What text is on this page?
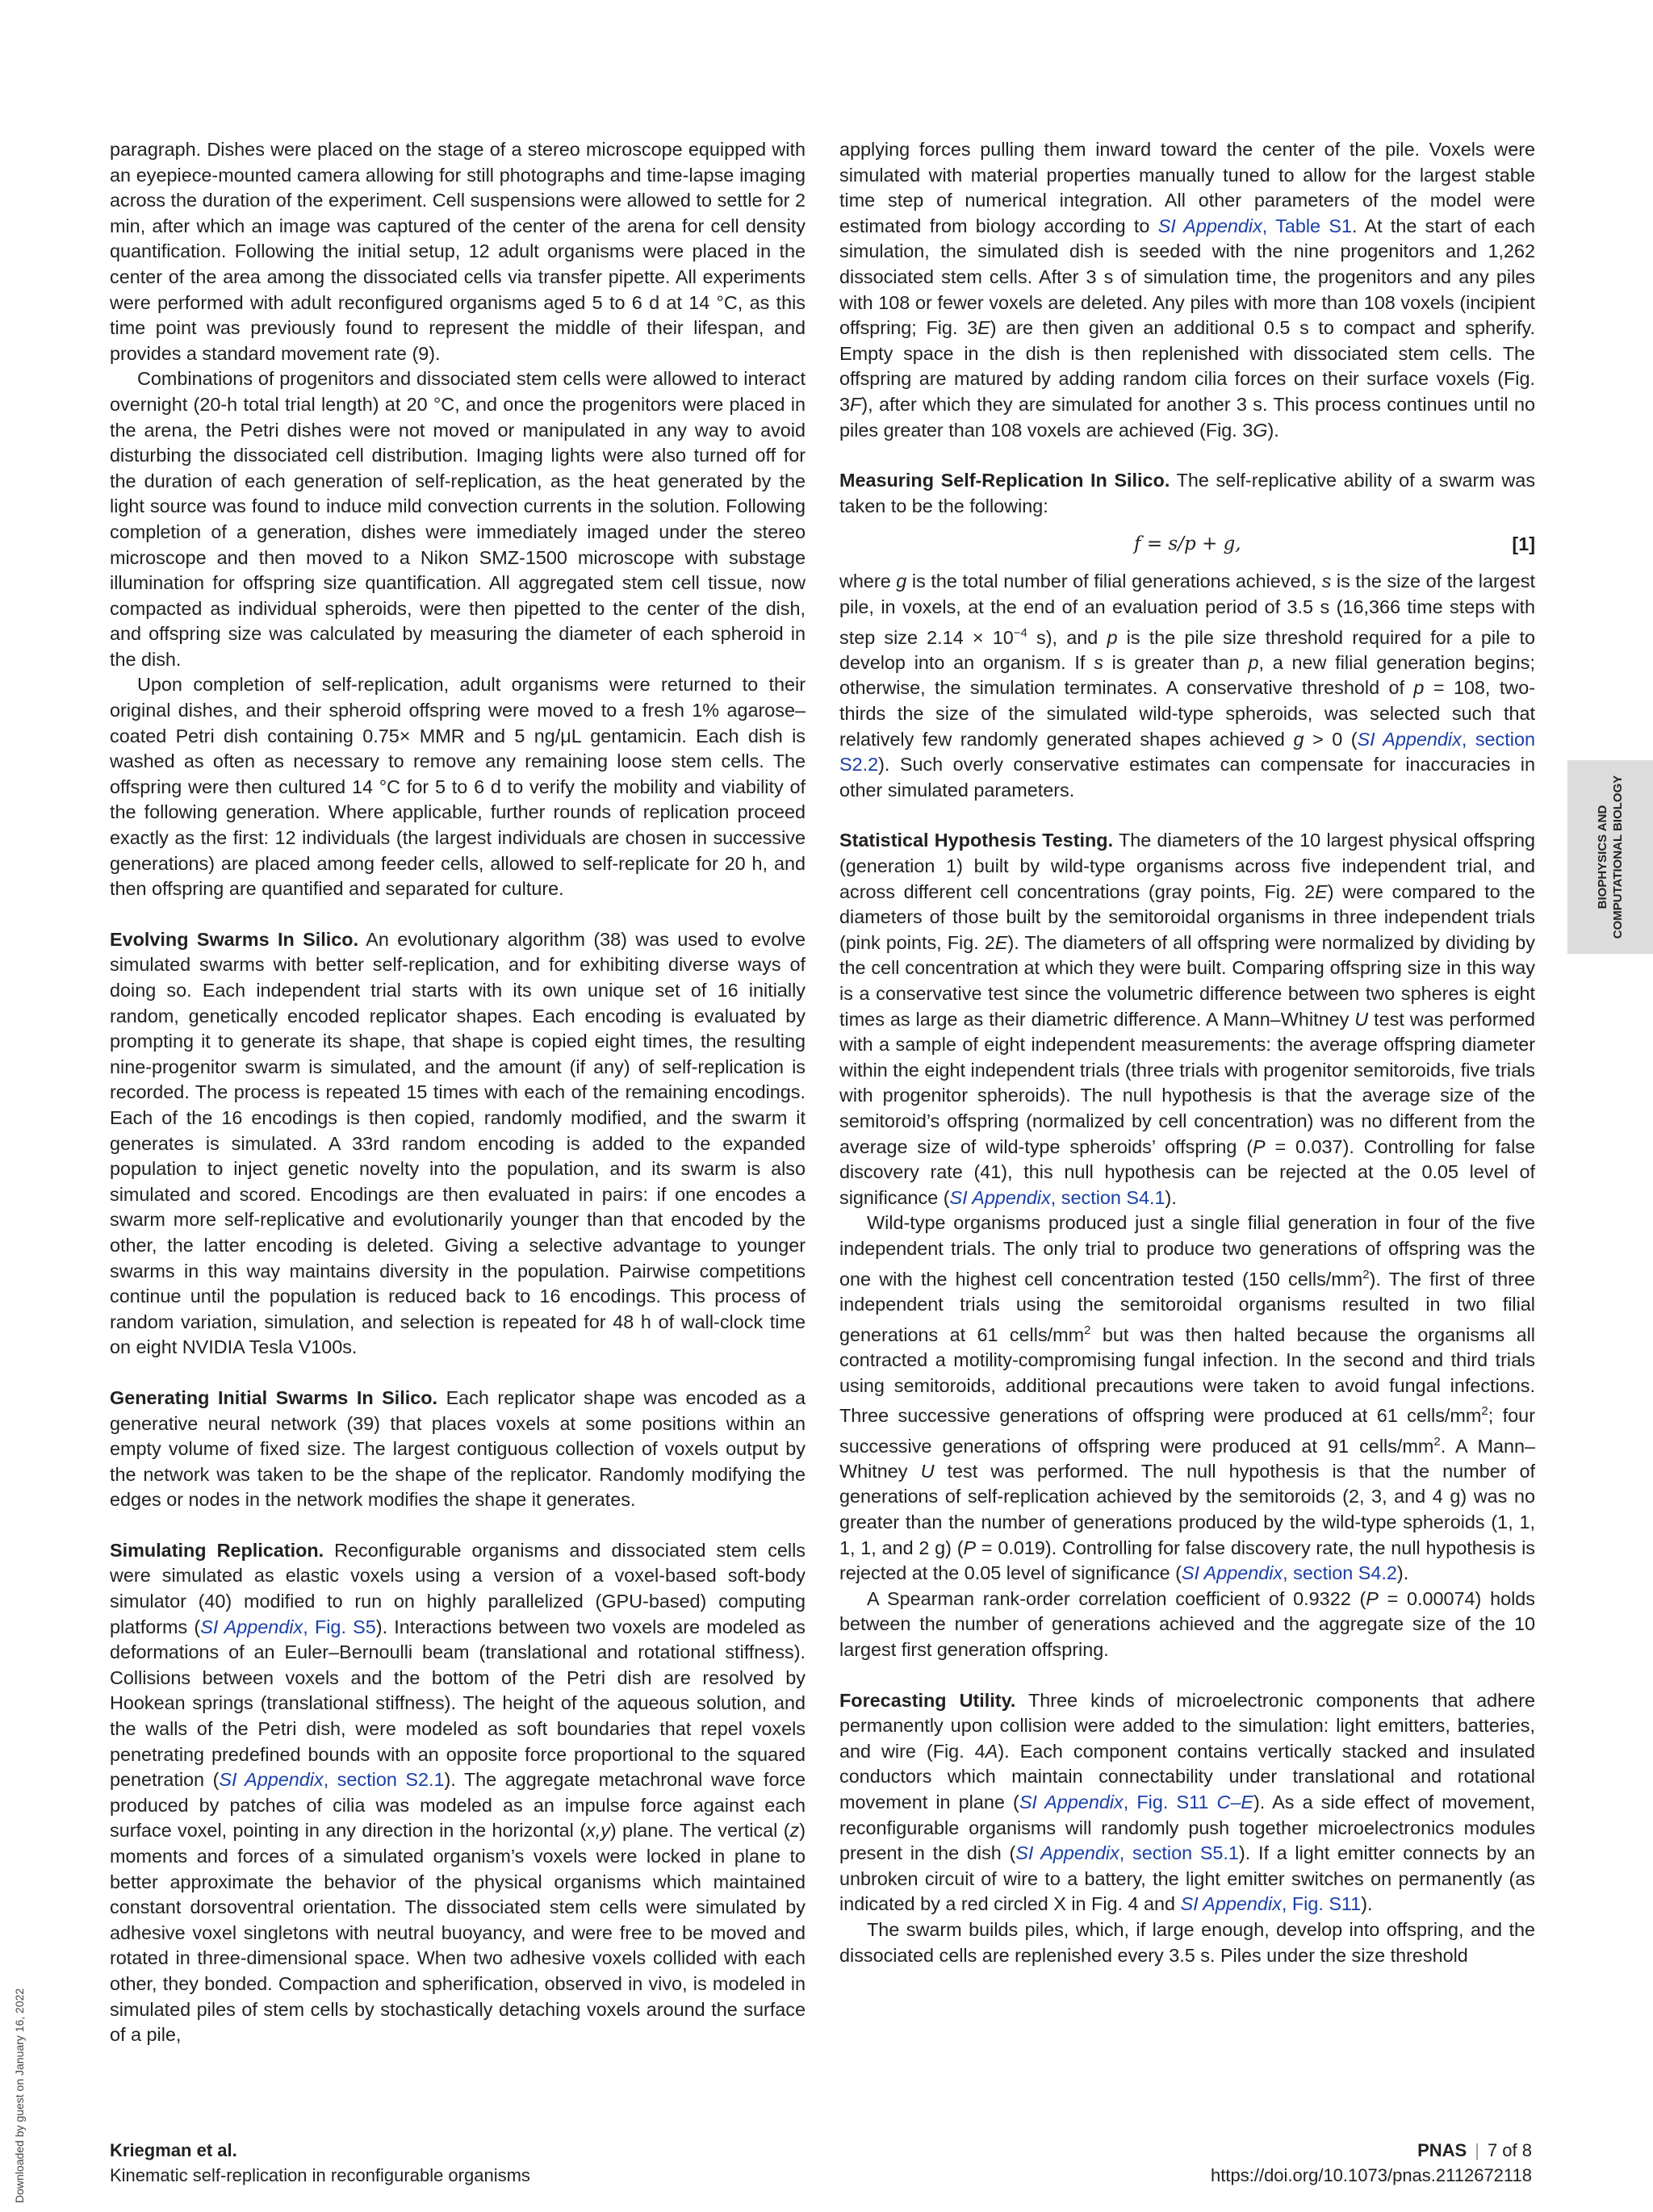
paragraph. Dishes were placed on the stage of a stereo microscope equipped with an eyepiece-mounted camera allowing for still photographs and time-lapse imaging across the duration of the experiment. Cell suspensions were allowed to settle for 2 min, after which an image was captured of the center of the arena for cell density quantification. Following the initial setup, 12 adult organisms were placed in the center of the area among the dissociated cells via transfer pipette. All experiments were performed with adult reconfigured organisms aged 5 to 6 d at 14 °C, as this time point was previously found to represent the middle of their lifespan, and provides a standard movement rate (9).

Combinations of progenitors and dissociated stem cells were allowed to interact overnight (20-h total trial length) at 20 °C, and once the progenitors were placed in the arena, the Petri dishes were not moved or manipulated in any way to avoid disturbing the dissociated cell distribution. Imaging lights were also turned off for the duration of each generation of self-replication, as the heat generated by the light source was found to induce mild convection currents in the solution. Following completion of a generation, dishes were immediately imaged under the stereo microscope and then moved to a Nikon SMZ-1500 microscope with substage illumination for offspring size quantification. All aggregated stem cell tissue, now compacted as individual spheroids, were then pipetted to the center of the dish, and offspring size was calculated by measuring the diameter of each spheroid in the dish.

Upon completion of self-replication, adult organisms were returned to their original dishes, and their spheroid offspring were moved to a fresh 1% agarose–coated Petri dish containing 0.75× MMR and 5 ng/μL gentamicin. Each dish is washed as often as necessary to remove any remaining loose stem cells. The offspring were then cultured 14 °C for 5 to 6 d to verify the mobility and viability of the following generation. Where applicable, further rounds of replication proceed exactly as the first: 12 individuals (the largest individuals are chosen in successive generations) are placed among feeder cells, allowed to self-replicate for 20 h, and then offspring are quantified and separated for culture.

Evolving Swarms In Silico. An evolutionary algorithm (38) was used to evolve simulated swarms with better self-replication, and for exhibiting diverse ways of doing so. Each independent trial starts with its own unique set of 16 initially random, genetically encoded replicator shapes. Each encoding is evaluated by prompting it to generate its shape, that shape is copied eight times, the resulting nine-progenitor swarm is simulated, and the amount (if any) of self-replication is recorded. The process is repeated 15 times with each of the remaining encodings. Each of the 16 encodings is then copied, randomly modified, and the swarm it generates is simulated. A 33rd random encoding is added to the expanded population to inject genetic novelty into the population, and its swarm is also simulated and scored. Encodings are then evaluated in pairs: if one encodes a swarm more self-replicative and evolutionarily younger than that encoded by the other, the latter encoding is deleted. Giving a selective advantage to younger swarms in this way maintains diversity in the population. Pairwise competitions continue until the population is reduced back to 16 encodings. This process of random variation, simulation, and selection is repeated for 48 h of wall-clock time on eight NVIDIA Tesla V100s.

Generating Initial Swarms In Silico. Each replicator shape was encoded as a generative neural network (39) that places voxels at some positions within an empty volume of fixed size. The largest contiguous collection of voxels output by the network was taken to be the shape of the replicator. Randomly modifying the edges or nodes in the network modifies the shape it generates.

Simulating Replication. Reconfigurable organisms and dissociated stem cells were simulated as elastic voxels using a version of a voxel-based soft-body simulator (40) modified to run on highly parallelized (GPU-based) computing platforms (SI Appendix, Fig. S5). Interactions between two voxels are modeled as deformations of an Euler–Bernoulli beam (translational and rotational stiffness). Collisions between voxels and the bottom of the Petri dish are resolved by Hookean springs (translational stiffness). The height of the aqueous solution, and the walls of the Petri dish, were modeled as soft boundaries that repel voxels penetrating predefined bounds with an opposite force proportional to the squared penetration (SI Appendix, section S2.1). The aggregate metachronal wave force produced by patches of cilia was modeled as an impulse force against each surface voxel, pointing in any direction in the horizontal (x,y) plane. The vertical (z) moments and forces of a simulated organism’s voxels were locked in plane to better approximate the behavior of the physical organisms which maintained constant dorsoventral orientation. The dissociated stem cells were simulated by adhesive voxel singletons with neutral buoyancy, and were free to be moved and rotated in three-dimensional space. When two adhesive voxels collided with each other, they bonded. Compaction and spherification, observed in vivo, is modeled in simulated piles of stem cells by stochastically detaching voxels around the surface of a pile,

applying forces pulling them inward toward the center of the pile. Voxels were simulated with material properties manually tuned to allow for the largest stable time step of numerical integration. All other parameters of the model were estimated from biology according to SI Appendix, Table S1. At the start of each simulation, the simulated dish is seeded with the nine progenitors and 1,262 dissociated stem cells. After 3 s of simulation time, the progenitors and any piles with 108 or fewer voxels are deleted. Any piles with more than 108 voxels (incipient offspring; Fig. 3E) are then given an additional 0.5 s to compact and spherify. Empty space in the dish is then replenished with dissociated stem cells. The offspring are matured by adding random cilia forces on their surface voxels (Fig. 3F), after which they are simulated for another 3 s. This process continues until no piles greater than 108 voxels are achieved (Fig. 3G).

Measuring Self-Replication In Silico. The self-replicative ability of a swarm was taken to be the following:

f = s/p + g,	[1]

where g is the total number of filial generations achieved, s is the size of the largest pile, in voxels, at the end of an evaluation period of 3.5 s (16,366 time steps with step size $2.14 \times 10^{-4}$ s), and p is the pile size threshold required for a pile to develop into an organism. If s is greater than p, a new filial generation begins; otherwise, the simulation terminates. A conservative threshold of p = 108, two-thirds the size of the simulated wild-type spheroids, was selected such that relatively few randomly generated shapes achieved g > 0 (SI Appendix, section S2.2). Such overly conservative estimates can compensate for inaccuracies in other simulated parameters.

Statistical Hypothesis Testing. The diameters of the 10 largest physical offspring (generation 1) built by wild-type organisms across five independent trial, and across different cell concentrations (gray points, Fig. 2E) were compared to the diameters of those built by the semitoroidal organisms in three independent trials (pink points, Fig. 2E). The diameters of all offspring were normalized by dividing by the cell concentration at which they were built. Comparing offspring size in this way is a conservative test since the volumetric difference between two spheres is eight times as large as their diametric difference. A Mann–Whitney U test was performed with a sample of eight independent measurements: the average offspring diameter within the eight independent trials (three trials with progenitor semitoroids, five trials with progenitor spheroids). The null hypothesis is that the average size of the semitoroid’s offspring (normalized by cell concentration) was no different from the average size of wild-type spheroids’ offspring (P = 0.037). Controlling for false discovery rate (41), this null hypothesis can be rejected at the 0.05 level of significance (SI Appendix, section S4.1).

Wild-type organisms produced just a single filial generation in four of the five independent trials. The only trial to produce two generations of offspring was the one with the highest cell concentration tested (150 cells/$mm^2$). The first of three independent trials using the semitoroidal organisms resulted in two filial generations at 61 cells/$mm^2$ but was then halted because the organisms all contracted a motility-compromising fungal infection. In the second and third trials using semitoroids, additional precautions were taken to avoid fungal infections. Three successive generations of offspring were produced at 61 cells/$mm^2$; four successive generations of offspring were produced at 91 cells/$mm^2$. A Mann–Whitney U test was performed. The null hypothesis is that the number of generations of self-replication achieved by the semitoroids (2, 3, and 4 g) was no greater than the number of generations produced by the wild-type spheroids (1, 1, 1, 1, and 2 g) (P = 0.019). Controlling for false discovery rate, the null hypothesis is rejected at the 0.05 level of significance (SI Appendix, section S4.2).

A Spearman rank-order correlation coefficient of 0.9322 (P = 0.00074) holds between the number of generations achieved and the aggregate size of the 10 largest first generation offspring.

Forecasting Utility. Three kinds of microelectronic components that adhere permanently upon collision were added to the simulation: light emitters, batteries, and wire (Fig. 4A). Each component contains vertically stacked and insulated conductors which maintain connectability under translational and rotational movement in plane (SI Appendix, Fig. S11 C–E). As a side effect of movement, reconfigurable organisms will randomly push together microelectronics modules present in the dish (SI Appendix, section S5.1). If a light emitter connects by an unbroken circuit of wire to a battery, the light emitter switches on permanently (as indicated by a red circled X in Fig. 4 and SI Appendix, Fig. S11).

The swarm builds piles, which, if large enough, develop into offspring, and the dissociated cells are replenished every 3.5 s. Piles under the size threshold

BIOPHYSICS AND COMPUTATIONAL BIOLOGY
Downloaded by guest on January 16, 2022	Kriegman et al.
Kinematic self-replication in reconfigurable organisms
PNAS | 7 of 8
https://doi.org/10.1073/pnas.2112672118
